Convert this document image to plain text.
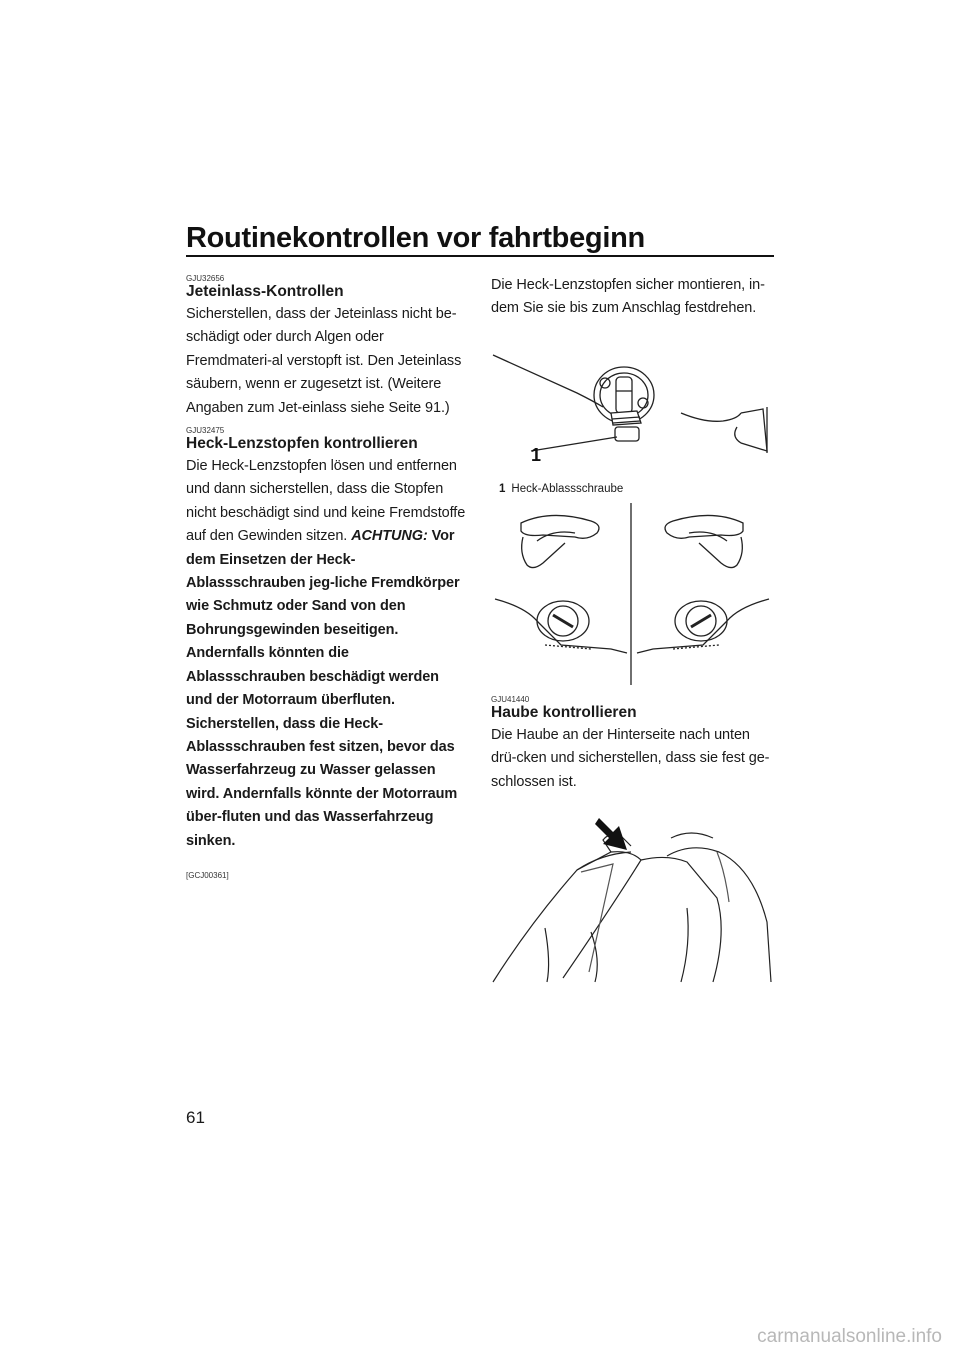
Routinekontrollen vor fahrtbeginn

GJU32656

Jeteinlass-Kontrollen

Sicherstellen, dass der Jeteinlass nicht be-schädigt oder durch Algen oder Fremdmateri-al verstopft ist. Den Jeteinlass säubern, wenn er zugesetzt ist. (Weitere Angaben zum Jet-einlass siehe Seite 91.)

GJU32475

Heck-Lenzstopfen kontrollieren

Die Heck-Lenzstopfen lösen und entfernen und dann sicherstellen, dass die Stopfen nicht beschädigt sind und keine Fremdstoffe auf den Gewinden sitzen. ACHTUNG: Vor dem Einsetzen der Heck-Ablassschrauben jeg-liche Fremdkörper wie Schmutz oder Sand von den Bohrungsgewinden beseitigen. Andernfalls könnten die Ablassschrauben beschädigt werden und der Motorraum überfluten. Sicherstellen, dass die Heck-Ablassschrauben fest sitzen, bevor das Wasserfahrzeug zu Wasser gelassen wird. Andernfalls könnte der Motorraum über-fluten und das Wasserfahrzeug sinken.

[GCJ00361]

Die Heck-Lenzstopfen sicher montieren, in-dem Sie sie bis zum Anschlag festdrehen.

1

1 Heck-Ablassschraube

GJU41440

Haube kontrollieren

Die Haube an der Hinterseite nach unten drü-cken und sicherstellen, dass sie fest ge-schlossen ist.

61
carmanualsonline.info
